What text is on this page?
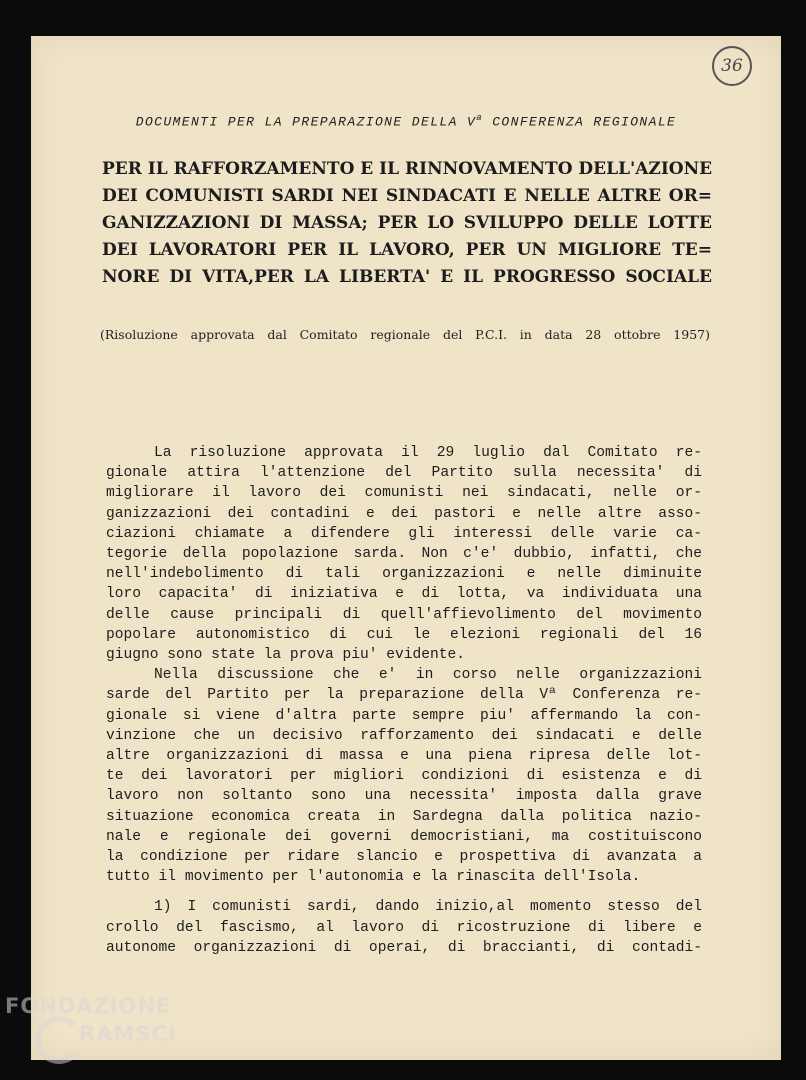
36
DOCUMENTI PER LA PREPARAZIONE DELLA $V^a$ CONFERENZA REGIONALE
PER IL RAFFORZAMENTO E IL RINNOVAMENTO DELL'AZIONE
DEI COMUNISTI SARDI NEI SINDACATI E NELLE ALTRE OR=
GANIZZAZIONI DI MASSA; PER LO SVILUPPO DELLE LOTTE
DEI LAVORATORI PER IL LAVORO, PER UN MIGLIORE TE=
NORE DI VITA,PER LA LIBERTA' E IL PROGRESSO SOCIALE
(Risoluzione approvata dal Comitato regionale del P.C.I. in data 28 ottobre 1957)
La risoluzione approvata il 29 luglio dal Comitato re-
gionale attira l'attenzione del Partito sulla necessita' di
migliorare il lavoro dei comunisti nei sindacati, nelle or-
ganizzazioni dei contadini e dei pastori e nelle altre asso-
ciazioni chiamate a difendere gli interessi delle varie ca-
tegorie della popolazione sarda. Non c'e' dubbio, infatti, che
nell'indebolimento di tali organizzazioni e nelle diminuite
loro capacita' di iniziativa e di lotta, va individuata una
delle cause principali di quell'affievolimento del movimento
popolare autonomistico di cui le elezioni regionali del 16
giugno sono state la prova piu' evidente.
Nella discussione che e' in corso nelle organizzazioni
sarde del Partito per la preparazione della Vª Conferenza re-
gionale si viene d'altra parte sempre piu' affermando la con-
vinzione che un decisivo rafforzamento dei sindacati e delle
altre organizzazioni di massa e una piena ripresa delle lot-
te dei lavoratori per migliori condizioni di esistenza e di
lavoro non soltanto sono una necessita' imposta dalla grave
situazione economica creata in Sardegna dalla politica nazio-
nale e regionale dei governi democristiani, ma costituiscono
la condizione per ridare slancio e prospettiva di avanzata a
tutto il movimento per l'autonomia e la rinascita dell'Isola.
1) I comunisti sardi, dando inizio,al momento stesso del
crollo del fascismo, al lavoro di ricostruzione di libere e
autonome organizzazioni di operai, di braccianti, di contadi-
FONDAZIONE
RAMSCI
